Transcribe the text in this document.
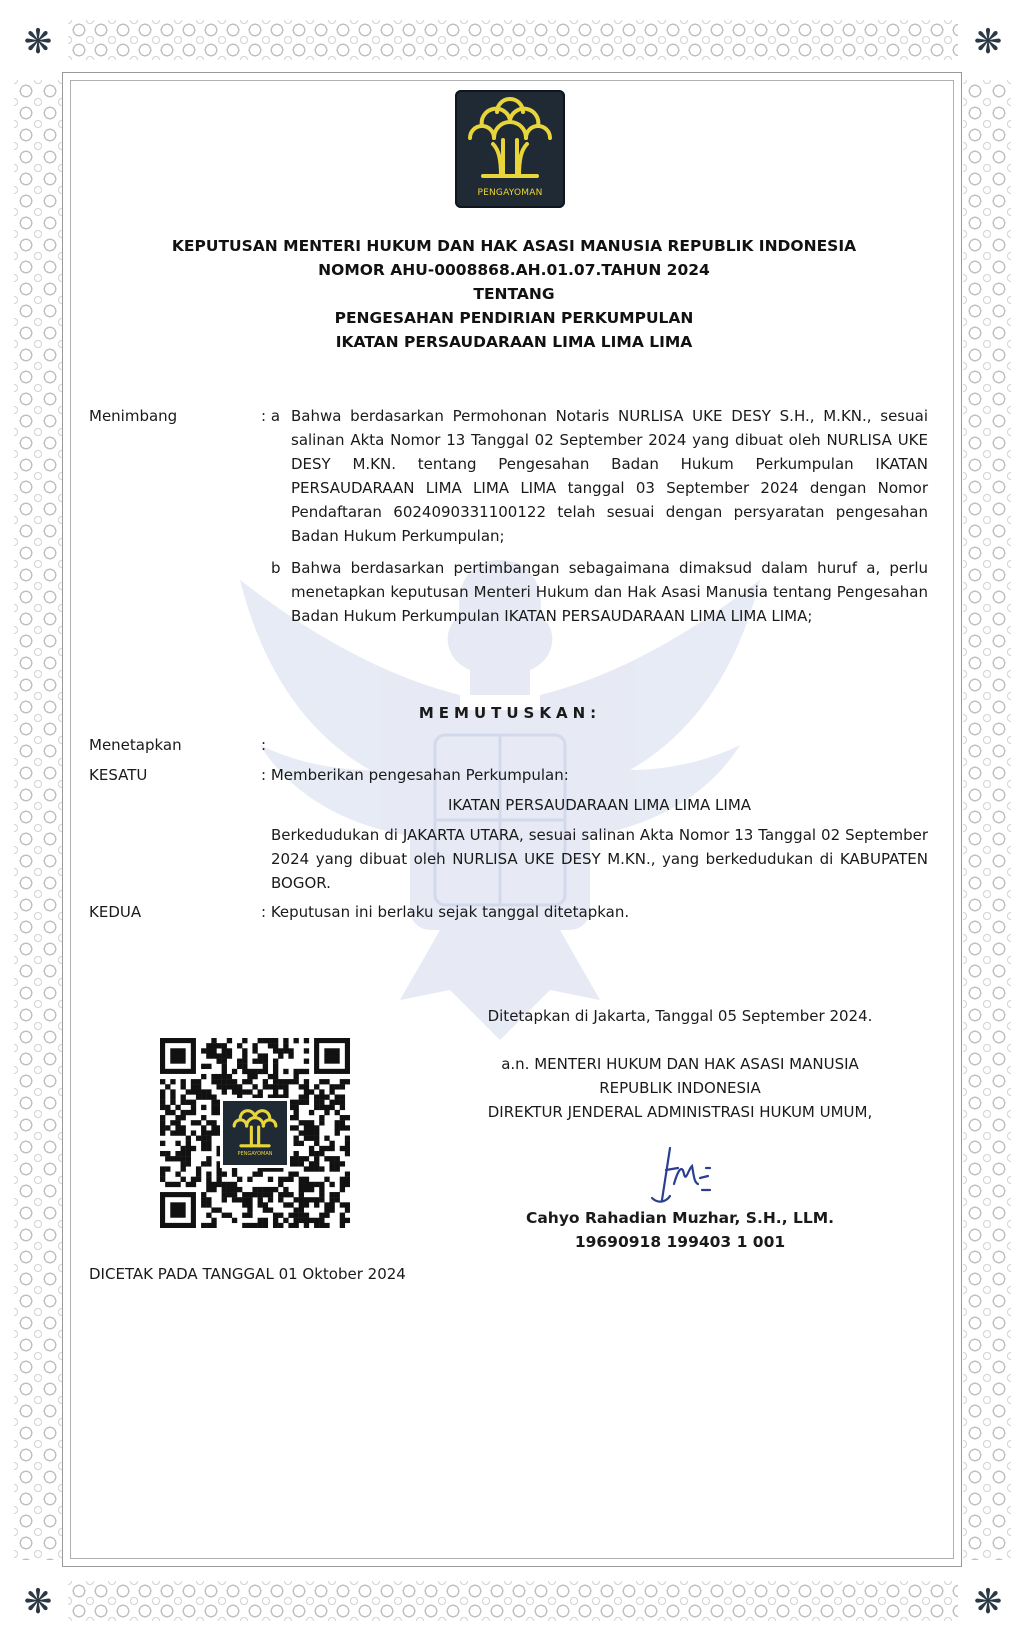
❋	❋
❋	❋
PENGAYOMAN
KEPUTUSAN MENTERI HUKUM DAN HAK ASASI MANUSIA REPUBLIK INDONESIA
NOMOR AHU-0008868.AH.01.07.TAHUN 2024
TENTANG
PENGESAHAN PENDIRIAN PERKUMPULAN
IKATAN PERSAUDARAAN LIMA LIMA LIMA
Menimbang	: a Bahwa berdasarkan Permohonan Notaris NURLISA UKE DESY S.H., M.KN., sesuai salinan Akta Nomor 13 Tanggal 02 September 2024 yang dibuat oleh NURLISA UKE DESY M.KN. tentang Pengesahan Badan Hukum Perkumpulan IKATAN PERSAUDARAAN LIMA LIMA LIMA tanggal 03 September 2024 dengan Nomor Pendaftaran 6024090331100122 telah sesuai dengan persyaratan pengesahan Badan Hukum Perkumpulan;
b Bahwa berdasarkan pertimbangan sebagaimana dimaksud dalam huruf a, perlu menetapkan keputusan Menteri Hukum dan Hak Asasi Manusia tentang Pengesahan Badan Hukum Perkumpulan IKATAN PERSAUDARAAN LIMA LIMA LIMA;
MEMUTUSKAN:
Menetapkan	:
KESATU	: Memberikan pengesahan Perkumpulan:
IKATAN PERSAUDARAAN LIMA LIMA LIMA
Berkedudukan di JAKARTA UTARA, sesuai salinan Akta Nomor 13 Tanggal 02 September 2024 yang dibuat oleh NURLISA UKE DESY M.KN., yang berkedudukan di KABUPATEN BOGOR.
KEDUA	: Keputusan ini berlaku sejak tanggal ditetapkan.
Ditetapkan di Jakarta, Tanggal 05 September 2024.
a.n. MENTERI HUKUM DAN HAK ASASI MANUSIA
REPUBLIK INDONESIA
DIREKTUR JENDERAL ADMINISTRASI HUKUM UMUM,
Cahyo Rahadian Muzhar, S.H., LLM.
19690918 199403 1 001
PENGAYOMAN
DICETAK PADA TANGGAL 01 Oktober 2024
